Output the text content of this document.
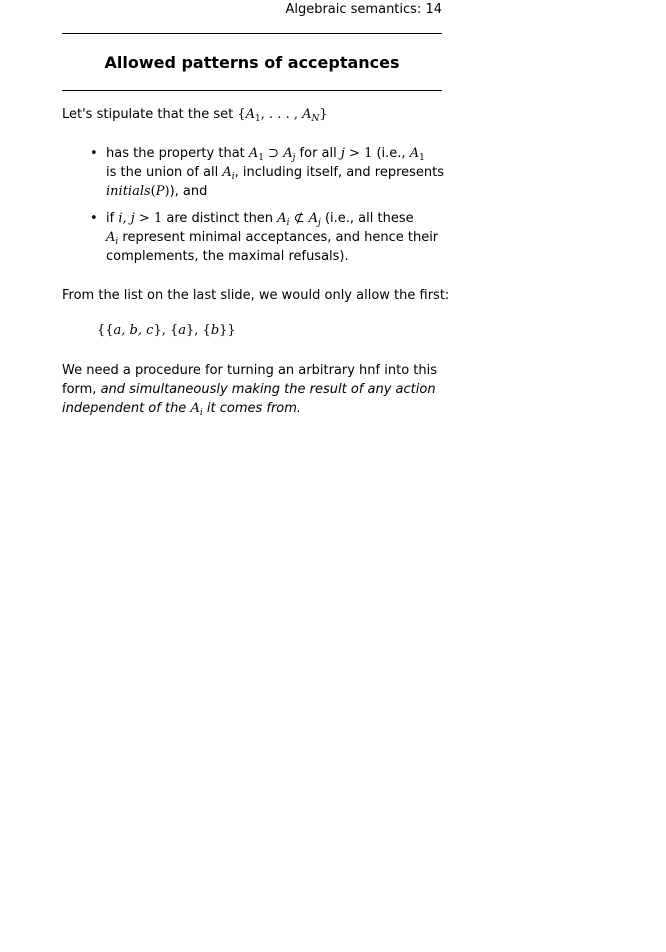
Algebraic semantics: 14
Allowed patterns of acceptances
Let's stipulate that the set {$A_1$, . . . , $A_N$}
• has the property that $A_1$ ⊃ $A_j$ for all j > 1 (i.e., $A_1$
is the union of all $A_i$, including itself, and represents
initials(P)), and
• if i, j > 1 are distinct then $A_i$ ⊄ $A_j$ (i.e., all these
$A_i$ represent minimal acceptances, and hence their
complements, the maximal refusals).
From the list on the last slide, we would only allow the first:
{{a, b, c}, {a}, {b}}
We need a procedure for turning an arbitrary hnf into this
form, and simultaneously making the result of any action
independent of the $A_i$ it comes from.
